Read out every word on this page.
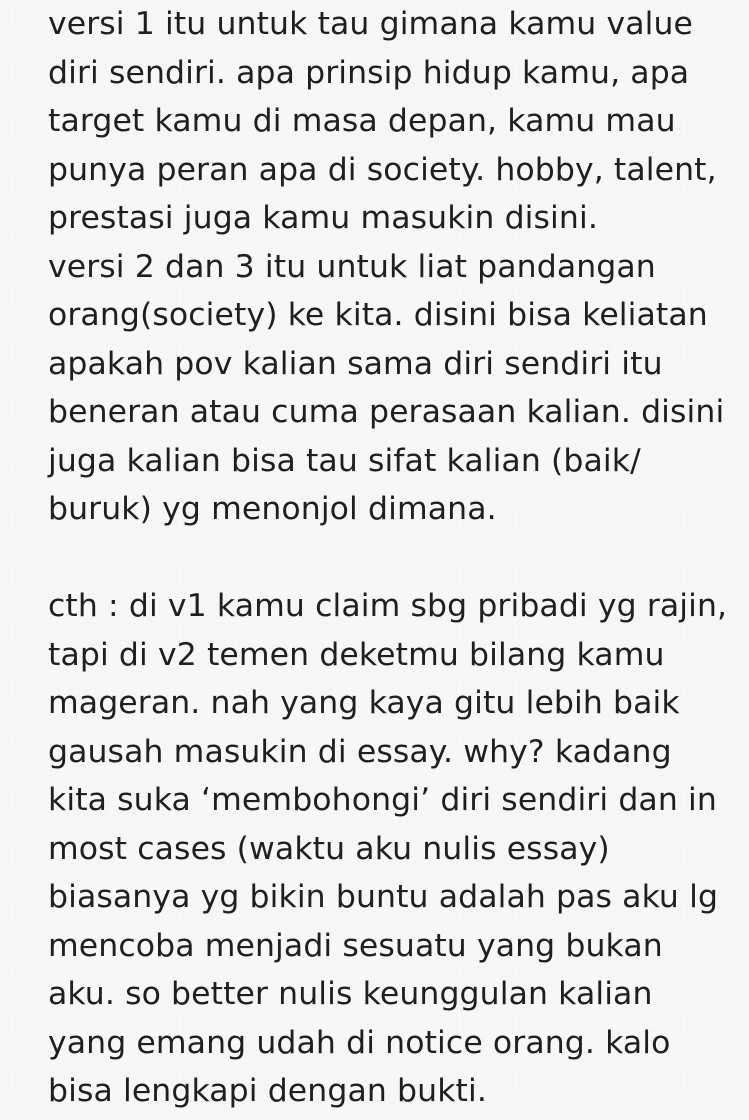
versi 1 itu untuk tau gimana kamu value diri sendiri. apa prinsip hidup kamu, apa target kamu di masa depan, kamu mau punya peran apa di society. hobby, talent, prestasi juga kamu masukin disini.

versi 2 dan 3 itu untuk liat pandangan orang(society) ke kita. disini bisa keliatan apakah pov kalian sama diri sendiri itu beneran atau cuma perasaan kalian. disini juga kalian bisa tau sifat kalian (baik/ buruk) yg menonjol dimana.

cth : di v1 kamu claim sbg pribadi yg rajin, tapi di v2 temen deketmu bilang kamu mageran. nah yang kaya gitu lebih baik gausah masukin di essay. why? kadang kita suka ‘membohongi’ diri sendiri dan in most cases (waktu aku nulis essay) biasanya yg bikin buntu adalah pas aku lg mencoba menjadi sesuatu yang bukan aku. so better nulis keunggulan kalian yang emang udah di notice orang. kalo bisa lengkapi dengan bukti.
